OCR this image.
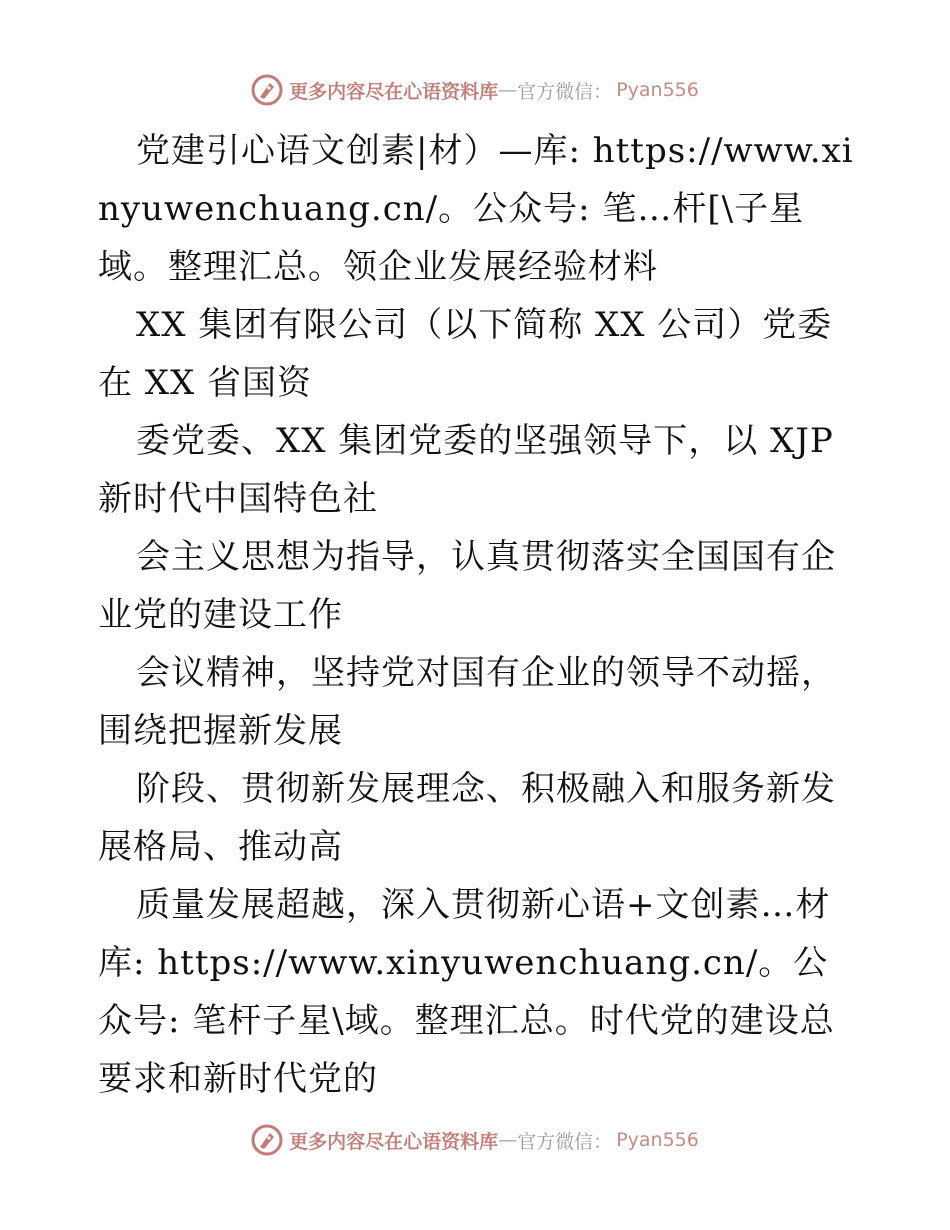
更多内容尽在心语资料库 — 官方微信： Pyan556

党建引心语文创素|材）—库: https://www.xinyuwenchuang.cn/。公众号: 笔…杆[\子星域。整理汇总。领企业发展经验材料

XX 集团有限公司（以下简称 XX 公司）党委在 XX 省国资

委党委、XX 集团党委的坚强领导下，以 XJP 新时代中国特色社

会主义思想为指导，认真贯彻落实全国国有企业党的建设工作

会议精神，坚持党对国有企业的领导不动摇，围绕把握新发展

阶段、贯彻新发展理念、积极融入和服务新发展格局、推动高

质量发展超越，深入贯彻新心语+文创素…材库: https://www.xinyuwenchuang.cn/。公众号: 笔杆子星\域。整理汇总。时代党的建设总要求和新时代党的

更多内容尽在心语资料库 — 官方微信： Pyan556
